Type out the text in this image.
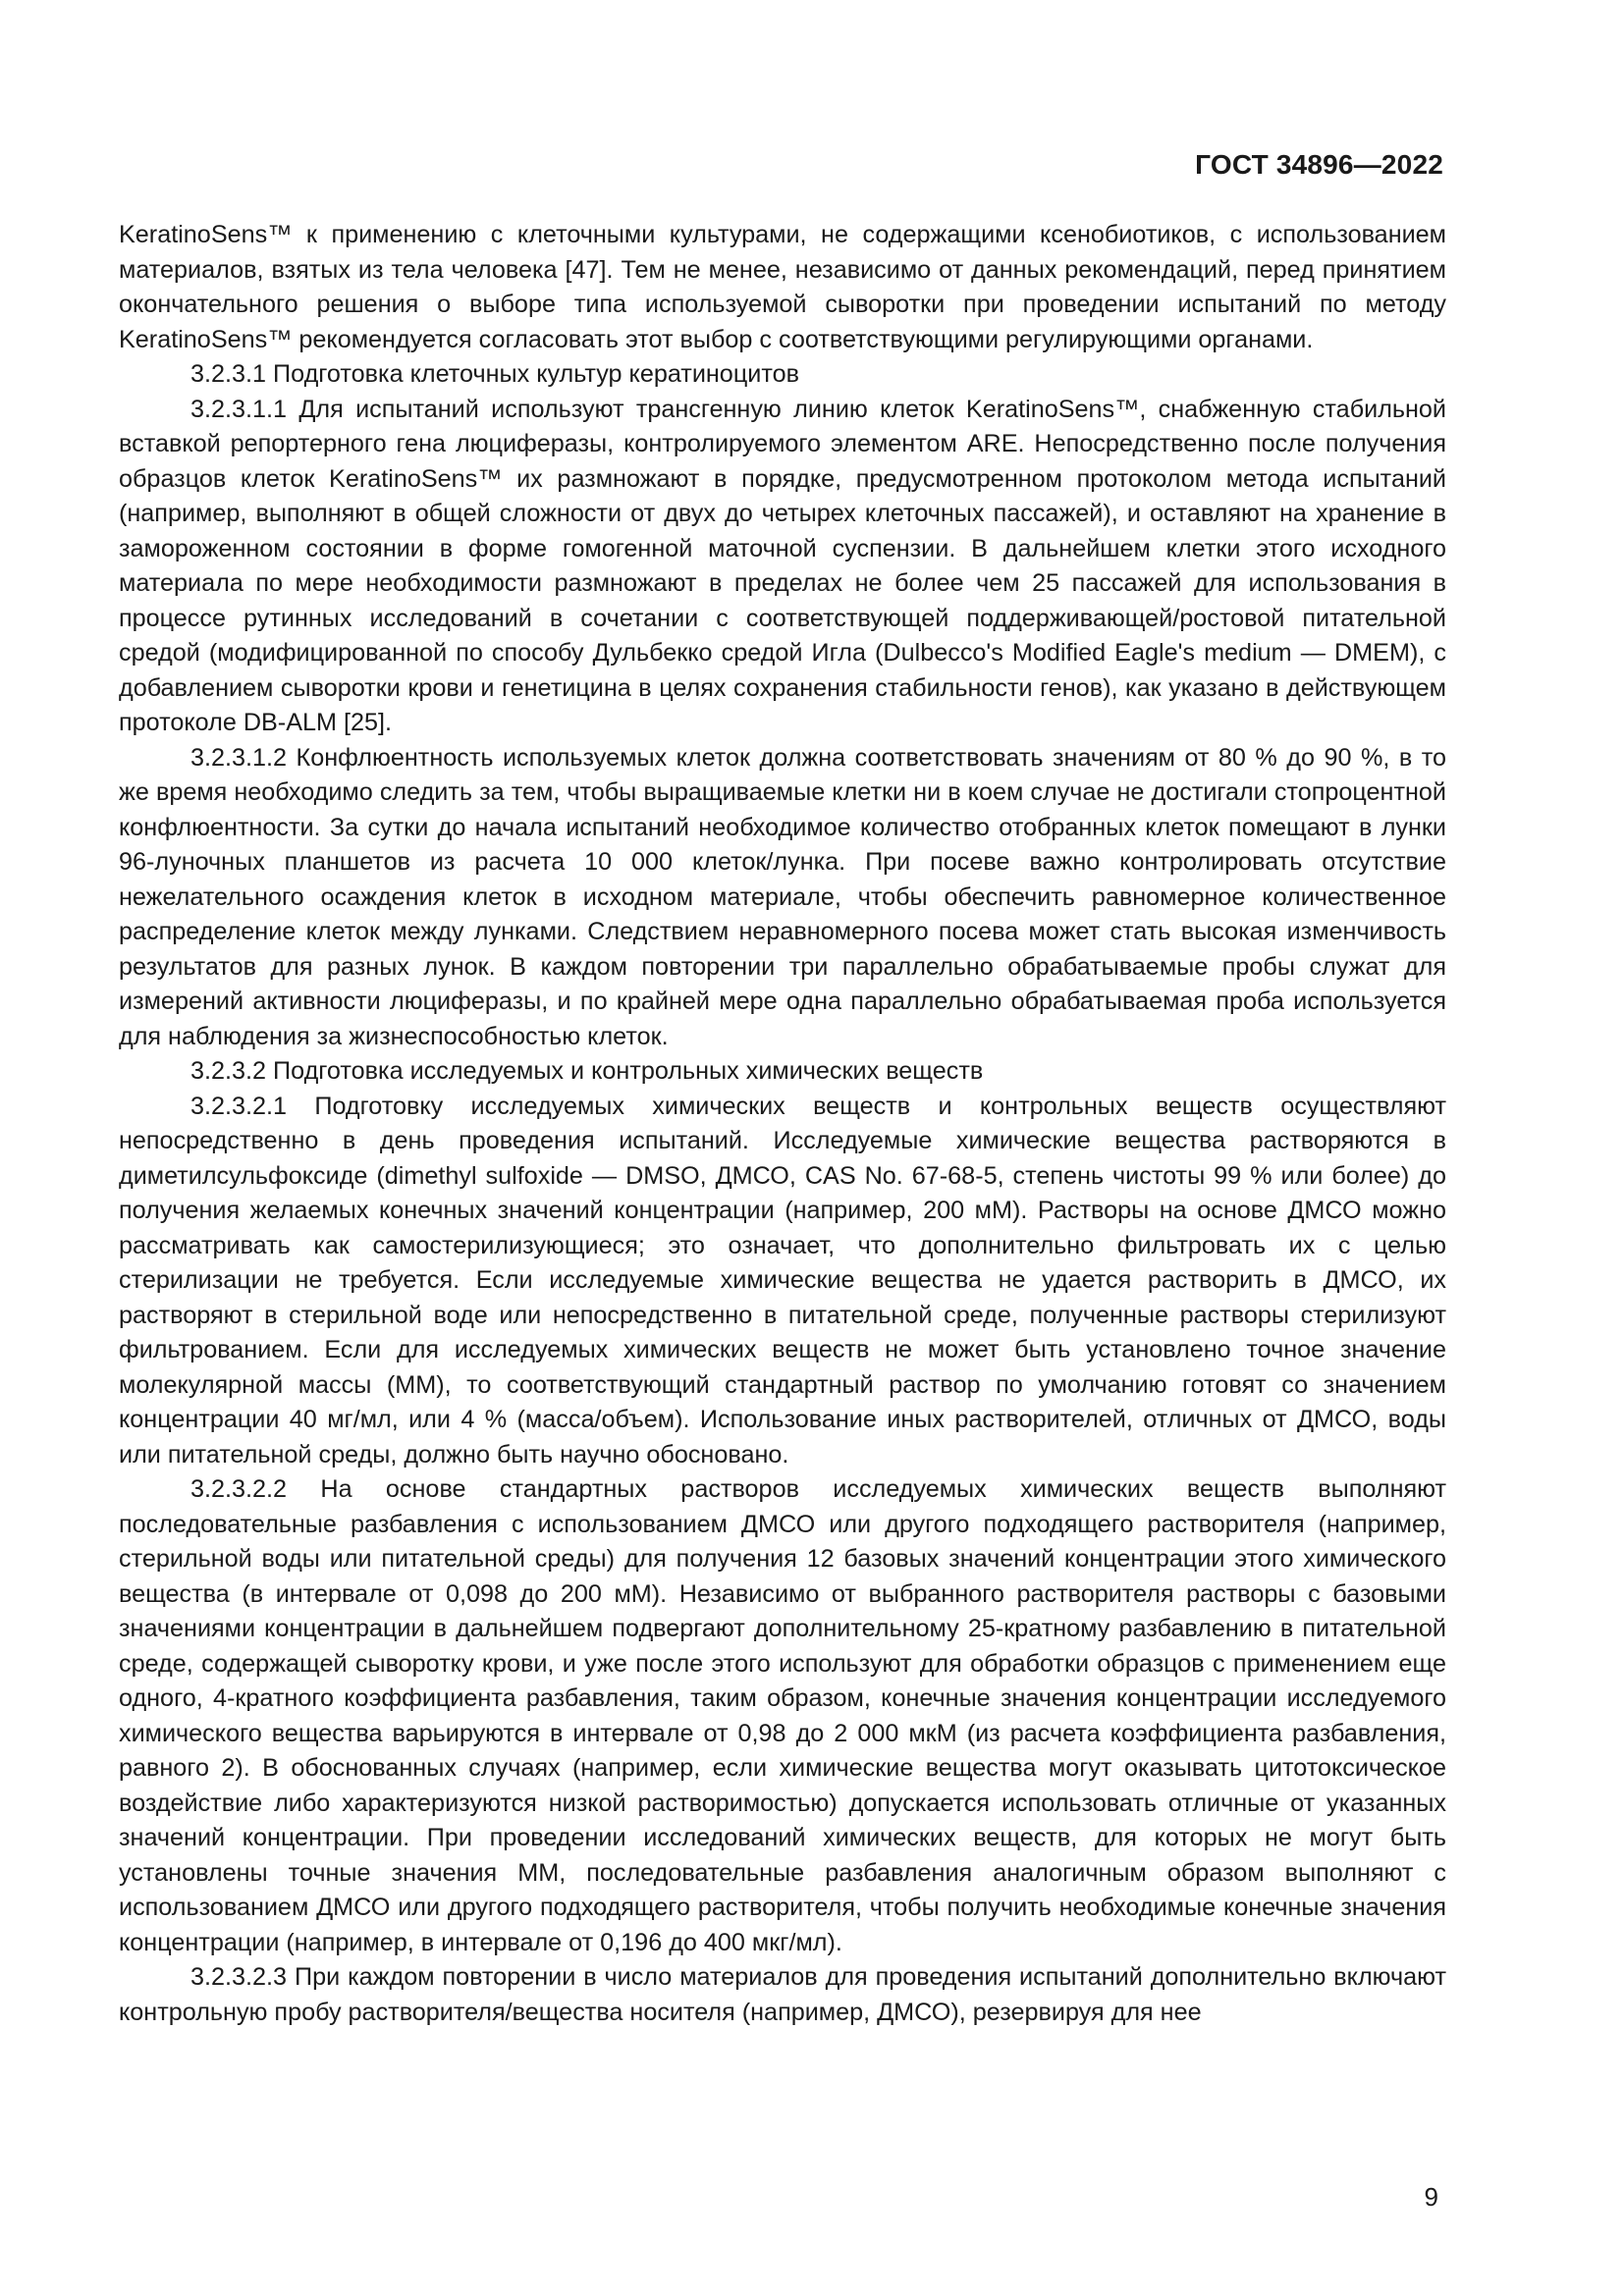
ГОСТ 34896—2022

KeratinoSens™ к применению с клеточными культурами, не содержащими ксенобиотиков, с использованием материалов, взятых из тела человека [47]. Тем не менее, независимо от данных рекомендаций, перед принятием окончательного решения о выборе типа используемой сыворотки при проведении испытаний по методу KeratinoSens™ рекомендуется согласовать этот выбор с соответствующими регулирующими органами.

3.2.3.1 Подготовка клеточных культур кератиноцитов

3.2.3.1.1 Для испытаний используют трансгенную линию клеток KeratinoSens™, снабженную стабильной вставкой репортерного гена люциферазы, контролируемого элементом ARE. Непосредственно после получения образцов клеток KeratinoSens™ их размножают в порядке, предусмотренном протоколом метода испытаний (например, выполняют в общей сложности от двух до четырех клеточных пассажей), и оставляют на хранение в замороженном состоянии в форме гомогенной маточной суспензии. В дальнейшем клетки этого исходного материала по мере необходимости размножают в пределах не более чем 25 пассажей для использования в процессе рутинных исследований в сочетании с соответствующей поддерживающей/ростовой питательной средой (модифицированной по способу Дульбекко средой Игла (Dulbecco's Modified Eagle's medium — DMEM), с добавлением сыворотки крови и генетицина в целях сохранения стабильности генов), как указано в действующем протоколе DB-ALM [25].

3.2.3.1.2 Конфлюентность используемых клеток должна соответствовать значениям от 80 % до 90 %, в то же время необходимо следить за тем, чтобы выращиваемые клетки ни в коем случае не достигали стопроцентной конфлюентности. За сутки до начала испытаний необходимое количество отобранных клеток помещают в лунки 96-луночных планшетов из расчета 10 000 клеток/лунка. При посеве важно контролировать отсутствие нежелательного осаждения клеток в исходном материале, чтобы обеспечить равномерное количественное распределение клеток между лунками. Следствием неравномерного посева может стать высокая изменчивость результатов для разных лунок. В каждом повторении три параллельно обрабатываемые пробы служат для измерений активности люциферазы, и по крайней мере одна параллельно обрабатываемая проба используется для наблюдения за жизнеспособностью клеток.

3.2.3.2 Подготовка исследуемых и контрольных химических веществ

3.2.3.2.1 Подготовку исследуемых химических веществ и контрольных веществ осуществляют непосредственно в день проведения испытаний. Исследуемые химические вещества растворяются в диметилсульфоксиде (dimethyl sulfoxide — DMSO, ДМСО, CAS No. 67-68-5, степень чистоты 99 % или более) до получения желаемых конечных значений концентрации (например, 200 мМ). Растворы на основе ДМСО можно рассматривать как самостерилизующиеся; это означает, что дополнительно фильтровать их с целью стерилизации не требуется. Если исследуемые химические вещества не удается растворить в ДМСО, их растворяют в стерильной воде или непосредственно в питательной среде, полученные растворы стерилизуют фильтрованием. Если для исследуемых химических веществ не может быть установлено точное значение молекулярной массы (ММ), то соответствующий стандартный раствор по умолчанию готовят со значением концентрации 40 мг/мл, или 4 % (масса/объем). Использование иных растворителей, отличных от ДМСО, воды или питательной среды, должно быть научно обосновано.

3.2.3.2.2 На основе стандартных растворов исследуемых химических веществ выполняют последовательные разбавления с использованием ДМСО или другого подходящего растворителя (например, стерильной воды или питательной среды) для получения 12 базовых значений концентрации этого химического вещества (в интервале от 0,098 до 200 мМ). Независимо от выбранного растворителя растворы с базовыми значениями концентрации в дальнейшем подвергают дополнительному 25-кратному разбавлению в питательной среде, содержащей сыворотку крови, и уже после этого используют для обработки образцов с применением еще одного, 4-кратного коэффициента разбавления, таким образом, конечные значения концентрации исследуемого химического вещества варьируются в интервале от 0,98 до 2 000 мкМ (из расчета коэффициента разбавления, равного 2). В обоснованных случаях (например, если химические вещества могут оказывать цитотоксическое воздействие либо характеризуются низкой растворимостью) допускается использовать отличные от указанных значений концентрации. При проведении исследований химических веществ, для которых не могут быть установлены точные значения ММ, последовательные разбавления аналогичным образом выполняют с использованием ДМСО или другого подходящего растворителя, чтобы получить необходимые конечные значения концентрации (например, в интервале от 0,196 до 400 мкг/мл).

3.2.3.2.3 При каждом повторении в число материалов для проведения испытаний дополнительно включают контрольную пробу растворителя/вещества носителя (например, ДМСО), резервируя для нее

9
